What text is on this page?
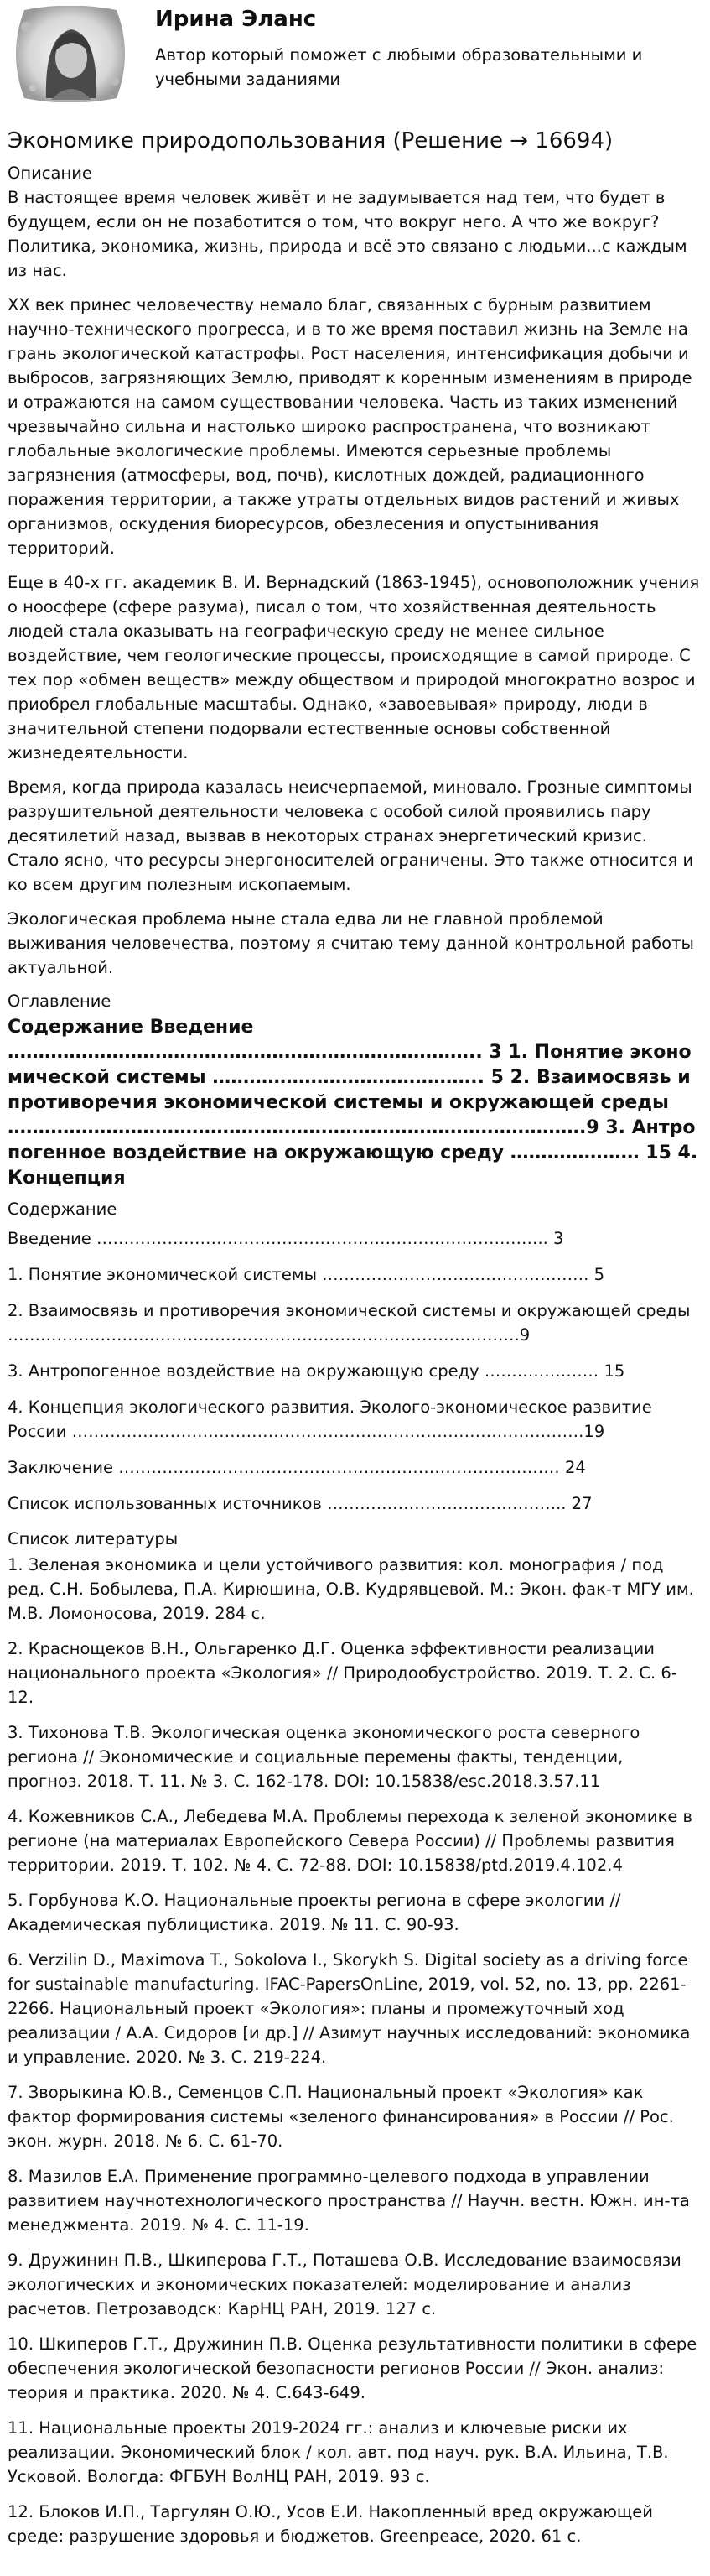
Ирина Эланс
Автор который поможет с любыми образовательными и учебными заданиями
Экономике природопользования (Решение → 16694)
Описание

В настоящее время человек живёт и не задумывается над тем, что будет в будущем, если он не позаботится о том, что вокруг него. А что же вокруг? Политика, экономика, жизнь, природа и всё это связано с людьми...с каждым из нас.

XX век принес человечеству немало благ, связанных с бурным развитием научно-технического прогресса, и в то же время поставил жизнь на Земле на грань экологической катастрофы. Рост населения, интенсификация добычи и выбросов, загрязняющих Землю, приводят к коренным изменениям в природе и отражаются на самом существовании человека. Часть из таких изменений чрезвычайно сильна и настолько широко распространена, что возникают глобальные экологические проблемы. Имеются серьезные проблемы загрязнения (атмосферы, вод, почв), кислотных дождей, радиационного поражения территории, а также утраты отдельных видов растений и живых организмов, оскудения биоресурсов, обезлесения и опустынивания территорий.

Еще в 40-х гг. академик В. И. Вернадский (1863-1945), основоположник учения о ноосфере (сфере разума), писал о том, что хозяйственная деятельность людей стала оказывать на географическую среду не менее сильное воздействие, чем геологические процессы, происходящие в самой природе. С тех пор «обмен веществ» между обществом и природой многократно возрос и приобрел глобальные масштабы. Однако, «завоевывая» природу, люди в значительной степени подорвали естественные основы собственной жизнедеятельности.

Время, когда природа казалась неисчерпаемой, миновало. Грозные симптомы разрушительной деятельности человека с особой силой проявились пару десятилетий назад, вызвав в некоторых странах энергетический кризис. Стало ясно, что ресурсы энергоносителей ограничены. Это также относится и ко всем другим полезным ископаемым.

Экологическая проблема ныне стала едва ли не главной проблемой выживания человечества, поэтому я считаю тему данной контрольной работы актуальной.

Оглавление
Содержание Введение ………………………………………………………………….. 3 1. Понятие экономической системы …………………………………….. 5 2. Взаимосвязь и противоречия экономической системы и окружающей среды ………………………………………………………………………………….9 3. Антропогенное воздействие на окружающую среду ………………… 15 4. Концепция
Содержание
Введение ……………………………………………………………………….. 3
1. Понятие экономической системы …………………………………………. 5
2. Взаимосвязь и противоречия экономической системы и окружающей среды ………………………………………………………………………………….9
3. Антропогенное воздействие на окружающую среду ………………… 15
4. Концепция экологического развития. Эколого-экономическое развитие России ………………………………………………………………………………….19
Заключение ……………………………………………………………………… 24
Список использованных источников …………………………………….. 27
Список литературы
1. Зеленая экономика и цели устойчивого развития: кол. монография / под ред. С.Н. Бобылева, П.А. Кирюшина, О.В. Кудрявцевой. М.: Экон. фак-т МГУ им. М.В. Ломоносова, 2019. 284 с.
2. Краснощеков В.Н., Ольгаренко Д.Г. Оценка эффективности реализации национального проекта «Экология» // Природообустройство. 2019. Т. 2. С. 6-12.
3. Тихонова Т.В. Экологическая оценка экономического роста северного региона // Экономические и социальные перемены факты, тенденции, прогноз. 2018. Т. 11. № 3. С. 162-178. DOI: 10.15838/esc.2018.3.57.11
4. Кожевников С.А., Лебедева М.А. Проблемы перехода к зеленой экономике в регионе (на материалах Европейского Севера России) // Проблемы развития территории. 2019. Т. 102. № 4. С. 72-88. DOI: 10.15838/ptd.2019.4.102.4
5. Горбунова К.О. Национальные проекты региона в сфере экологии // Академическая публицистика. 2019. № 11. С. 90-93.
6. Verzilin D., Maximova T., Sokolova I., Skorykh S. Digital society as a driving force for sustainable manufacturing. IFAC-PapersOnLine, 2019, vol. 52, no. 13, pp. 2261-2266. Национальный проект «Экология»: планы и промежуточный ход реализации / А.А. Сидоров [и др.] // Азимут научных исследований: экономика и управление. 2020. № 3. С. 219-224.
7. Зворыкина Ю.В., Семенцов С.П. Национальный проект «Экология» как фактор формирования системы «зеленого финансирования» в России // Рос. экон. журн. 2018. № 6. С. 61-70.
8. Мазилов Е.А. Применение программно-целевого подхода в управлении развитием научнотехнологического пространства // Научн. вестн. Южн. ин-та менеджмента. 2019. № 4. С. 11-19.
9. Дружинин П.В., Шкиперова Г.Т., Поташева О.В. Исследование взаимосвязи экологических и экономических показателей: моделирование и анализ расчетов. Петрозаводск: КарНЦ РАН, 2019. 127 с.
10. Шкиперов Г.Т., Дружинин П.В. Оценка результативности политики в сфере обеспечения экологической безопасности регионов России // Экон. анализ: теория и практика. 2020. № 4. С.643-649.
11. Национальные проекты 2019-2024 гг.: анализ и ключевые риски их реализации. Экономический блок / кол. авт. под науч. рук. В.А. Ильина, Т.В. Усковой. Вологда: ФГБУН ВолНЦ РАН, 2019. 93 с.
12. Блоков И.П., Таргулян О.Ю., Усов Е.И. Накопленный вред окружающей среде: разрушение здоровья и бюджетов. Greenpeace, 2020. 61 с.
